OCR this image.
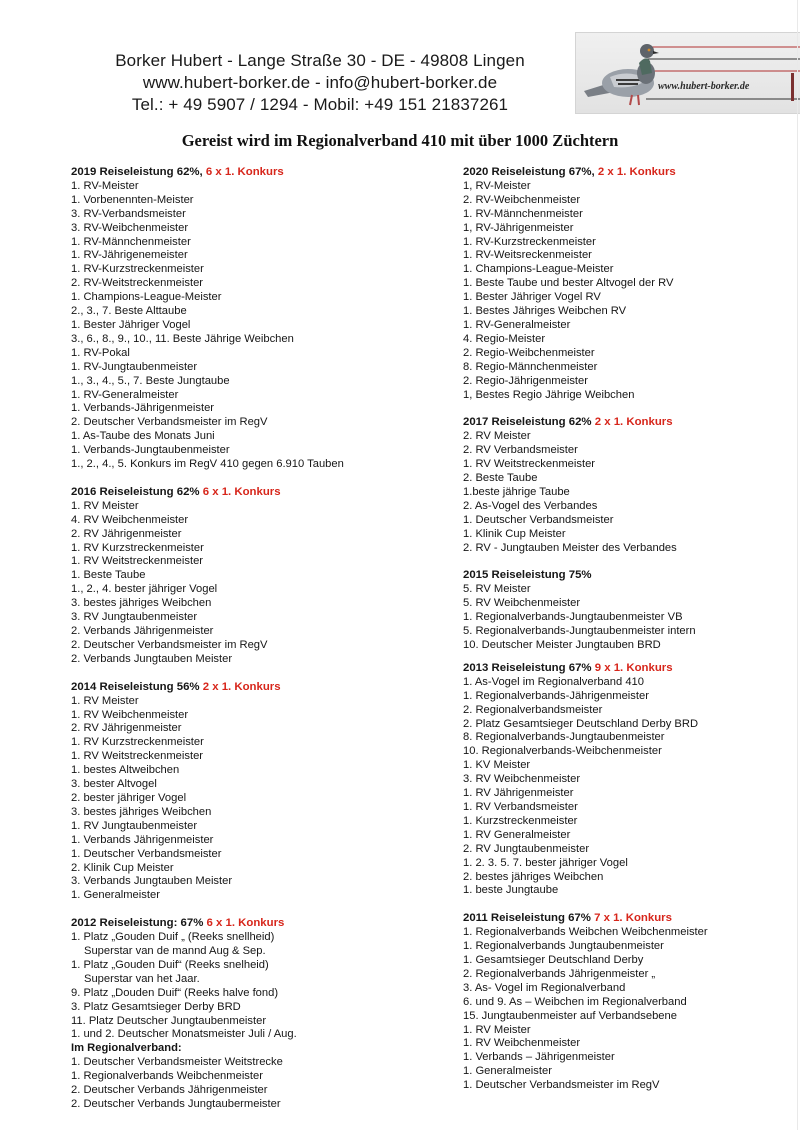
Borker Hubert - Lange Straße 30 - DE - 49808 Lingen
www.hubert-borker.de - info@hubert-borker.de
Tel.: + 49 5907 / 1294 - Mobil: +49 151 21837261
www.hubert-borker.de
Gereist wird im Regionalverband 410 mit über 1000 Züchtern
2019 Reiseleistung 62%, 6 x 1. Konkurs
1. RV-Meister
1. Vorbenennten-Meister
3. RV-Verbandsmeister
3. RV-Weibchenmeister
1. RV-Männchenmeister
1. RV-Jährigenemeister
1. RV-Kurzstreckenmeister
2. RV-Weitstreckenmeister
1. Champions-League-Meister
2., 3., 7. Beste Alttaube
1. Bester Jähriger Vogel
3., 6., 8., 9., 10., 11. Beste Jährige Weibchen
1. RV-Pokal
1. RV-Jungtaubenmeister
1., 3., 4., 5., 7. Beste Jungtaube
1. RV-Generalmeister
1. Verbands-Jährigenmeister
2. Deutscher Verbandsmeister im RegV
1. As-Taube des Monats Juni
1. Verbands-Jungtaubenmeister
1., 2., 4., 5. Konkurs im RegV 410 gegen 6.910 Tauben
2016 Reiseleistung 62% 6 x 1. Konkurs
1. RV Meister
4. RV Weibchenmeister
2. RV Jährigenmeister
1. RV Kurzstreckenmeister
1. RV Weitstreckenmeister
1. Beste Taube
1., 2., 4. bester jähriger Vogel
3. bestes jähriges Weibchen
3. RV Jungtaubenmeister
2. Verbands Jährigenmeister
2. Deutscher Verbandsmeister im RegV
2. Verbands Jungtauben Meister
2014 Reiseleistung 56% 2 x 1. Konkurs
1. RV Meister
1. RV Weibchenmeister
2. RV Jährigenmeister
1. RV Kurzstreckenmeister
1. RV Weitstreckenmeister
1. bestes Altweibchen
3. bester Altvogel
2. bester jähriger Vogel
3. bestes jähriges Weibchen
1. RV Jungtaubenmeister
1. Verbands Jährigenmeister
1. Deutscher Verbandsmeister
2. Klinik Cup Meister
3. Verbands Jungtauben Meister
1. Generalmeister
2012 Reiseleistung: 67% 6 x 1. Konkurs
1. Platz „Gouden Duif „ (Reeks snellheid)
Superstar van de mannd Aug & Sep.
1. Platz „Gouden Duif“ (Reeks snelheid)
Superstar van het Jaar.
9. Platz „Douden Duif“ (Reeks halve fond)
3. Platz Gesamtsieger Derby BRD
11. Platz Deutscher Jungtaubenmeister
1. und 2. Deutscher Monatsmeister Juli / Aug.
Im Regionalverband:
1. Deutscher Verbandsmeister Weitstrecke
1. Regionalverbands Weibchenmeister
2. Deutscher Verbands Jährigenmeister
2. Deutscher Verbands Jungtaubermeister
2020 Reiseleistung 67%, 2 x 1. Konkurs
1, RV-Meister
2. RV-Weibchenmeister
1. RV-Männchenmeister
1, RV-Jährigenmeister
1. RV-Kurzstreckenmeister
1. RV-Weitsreckenmeister
1. Champions-League-Meister
1. Beste Taube und bester Altvogel der RV
1. Bester Jähriger Vogel RV
1. Bestes Jähriges Weibchen RV
1. RV-Generalmeister
4. Regio-Meister
2. Regio-Weibchenmeister
8. Regio-Männchenmeister
2. Regio-Jährigenmeister
1, Bestes Regio Jährige Weibchen
2017 Reiseleistung 62% 2 x 1. Konkurs
2. RV Meister
2. RV Verbandsmeister
1. RV Weitstreckenmeister
2. Beste Taube
1.beste jährige Taube
2. As-Vogel des Verbandes
1. Deutscher Verbandsmeister
1. Klinik Cup Meister
2. RV - Jungtauben Meister des Verbandes
2015 Reiseleistung 75%
5. RV Meister
5. RV Weibchenmeister
1. Regionalverbands-Jungtaubenmeister VB
5. Regionalverbands-Jungtaubenmeister intern
10. Deutscher Meister Jungtauben BRD
2013 Reiseleistung 67% 9 x 1. Konkurs
1. As-Vogel im Regionalverband 410
1. Regionalverbands-Jährigenmeister
2. Regionalverbandsmeister
2. Platz Gesamtsieger Deutschland Derby BRD
8. Regionalverbands-Jungtaubenmeister
10. Regionalverbands-Weibchenmeister
1. KV Meister
3. RV Weibchenmeister
1. RV Jährigenmeister
1. RV Verbandsmeister
1. Kurzstreckenmeister
1. RV Generalmeister
2. RV Jungtaubenmeister
1. 2. 3. 5. 7. bester jähriger Vogel
2. bestes jähriges Weibchen
1. beste Jungtaube
2011 Reiseleistung 67% 7 x 1. Konkurs
1. Regionalverbands Weibchen Weibchenmeister
1. Regionalverbands Jungtaubenmeister
1. Gesamtsieger Deutschland Derby
2. Regionalverbands Jährigenmeister „
3. As- Vogel im Regionalverband
6. und 9. As – Weibchen im Regionalverband
15. Jungtaubenmeister auf Verbandsebene
1. RV Meister
1. RV Weibchenmeister
1. Verbands – Jährigenmeister
1. Generalmeister
1. Deutscher Verbandsmeister im RegV
